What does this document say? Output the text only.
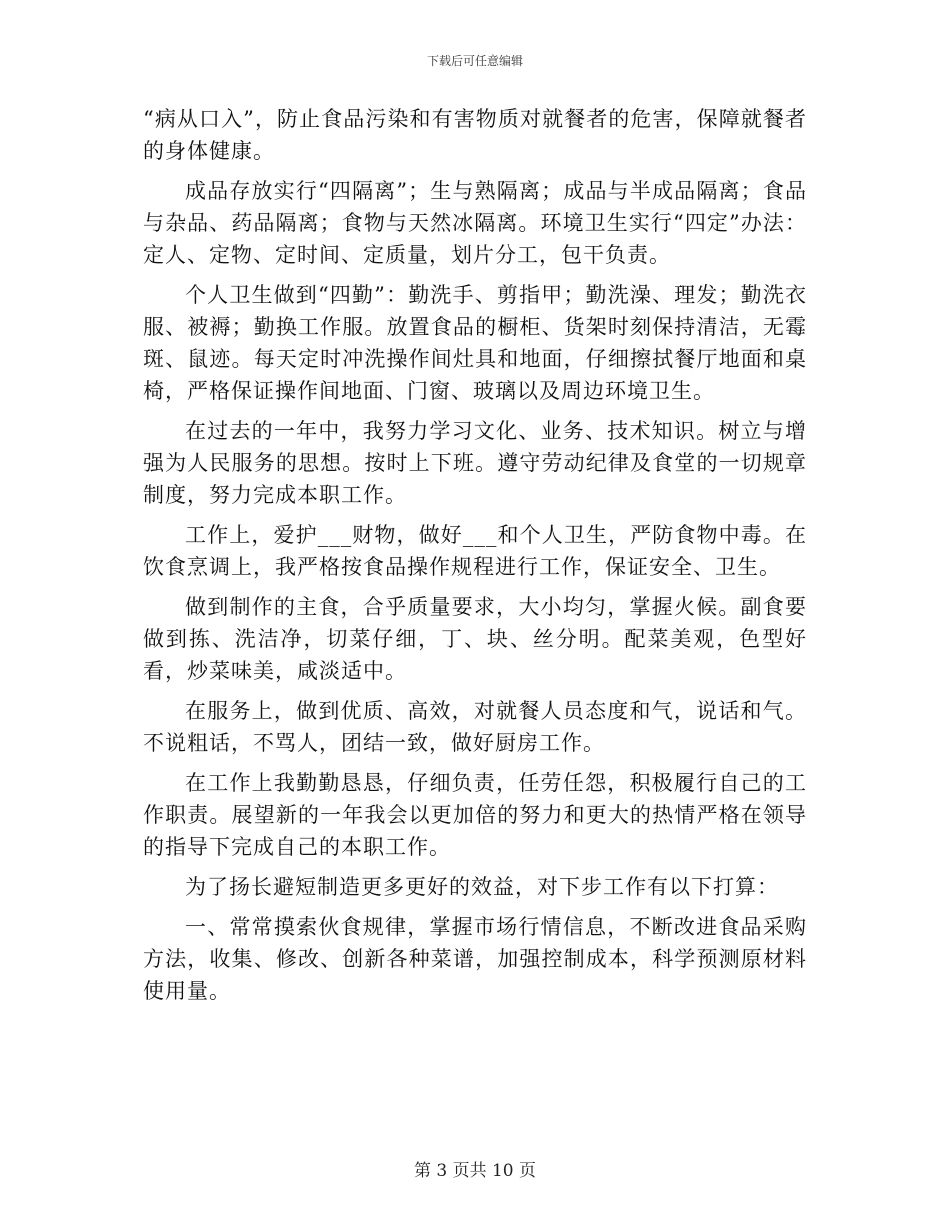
下载后可任意编辑

“病从口入”，防止食品污染和有害物质对就餐者的危害，保障就餐者的身体健康。

成品存放实行“四隔离”；生与熟隔离；成品与半成品隔离；食品与杂品、药品隔离；食物与天然冰隔离。环境卫生实行“四定”办法：定人、定物、定时间、定质量，划片分工，包干负责。

个人卫生做到“四勤”：勤洗手、剪指甲；勤洗澡、理发；勤洗衣服、被褥；勤换工作服。放置食品的橱柜、货架时刻保持清洁，无霉斑、鼠迹。每天定时冲洗操作间灶具和地面，仔细擦拭餐厅地面和桌椅，严格保证操作间地面、门窗、玻璃以及周边环境卫生。

在过去的一年中，我努力学习文化、业务、技术知识。树立与增强为人民服务的思想。按时上下班。遵守劳动纪律及食堂的一切规章制度，努力完成本职工作。

工作上，爱护___财物，做好___和个人卫生，严防食物中毒。在饮食烹调上，我严格按食品操作规程进行工作，保证安全、卫生。

做到制作的主食，合乎质量要求，大小均匀，掌握火候。副食要做到拣、洗洁净，切菜仔细，丁、块、丝分明。配菜美观，色型好看，炒菜味美，咸淡适中。

在服务上，做到优质、高效，对就餐人员态度和气，说话和气。不说粗话，不骂人，团结一致，做好厨房工作。

在工作上我勤勤恳恳，仔细负责，任劳任怨，积极履行自己的工作职责。展望新的一年我会以更加倍的努力和更大的热情严格在领导的指导下完成自己的本职工作。

为了扬长避短制造更多更好的效益，对下步工作有以下打算：

一、常常摸索伙食规律，掌握市场行情信息，不断改进食品采购方法，收集、修改、创新各种菜谱，加强控制成本，科学预测原材料使用量。

第 3 页共 10 页
